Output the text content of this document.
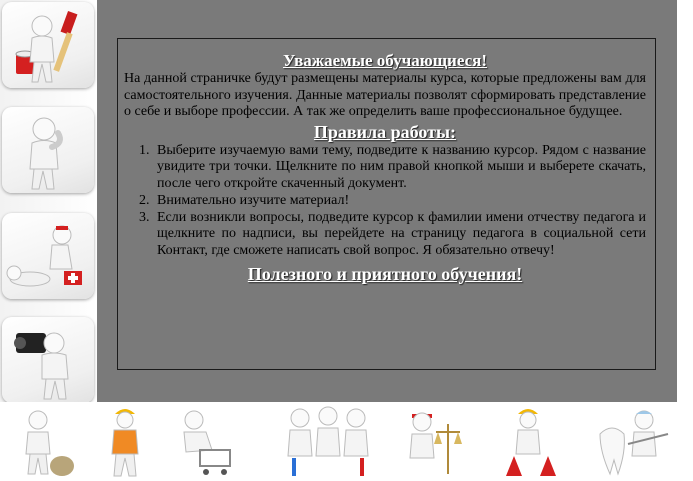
Уважаемые обучающиеся!

На данной страничке будут размещены материалы курса, которые предложены вам для самостоятельного изучения. Данные материалы позволят сформировать представление о себе и выборе профессии. А так же определить ваше профессиональное будущее.

Правила работы:
1. Выберите изучаемую вами тему, подведите к названию курсор. Рядом с название увидите три точки. Щелкните по ним правой кнопкой мыши и выберете скачать, после чего откройте скаченный документ.
2. Внимательно изучите материал!
3. Если возникли вопросы, подведите курсор к фамилии имени отчеству педагога и щелкните по надписи, вы перейдете на страницу педагога в социальной сети Контакт, где сможете написать свой вопрос. Я обязательно отвечу!
Полезного и приятного обучения!
